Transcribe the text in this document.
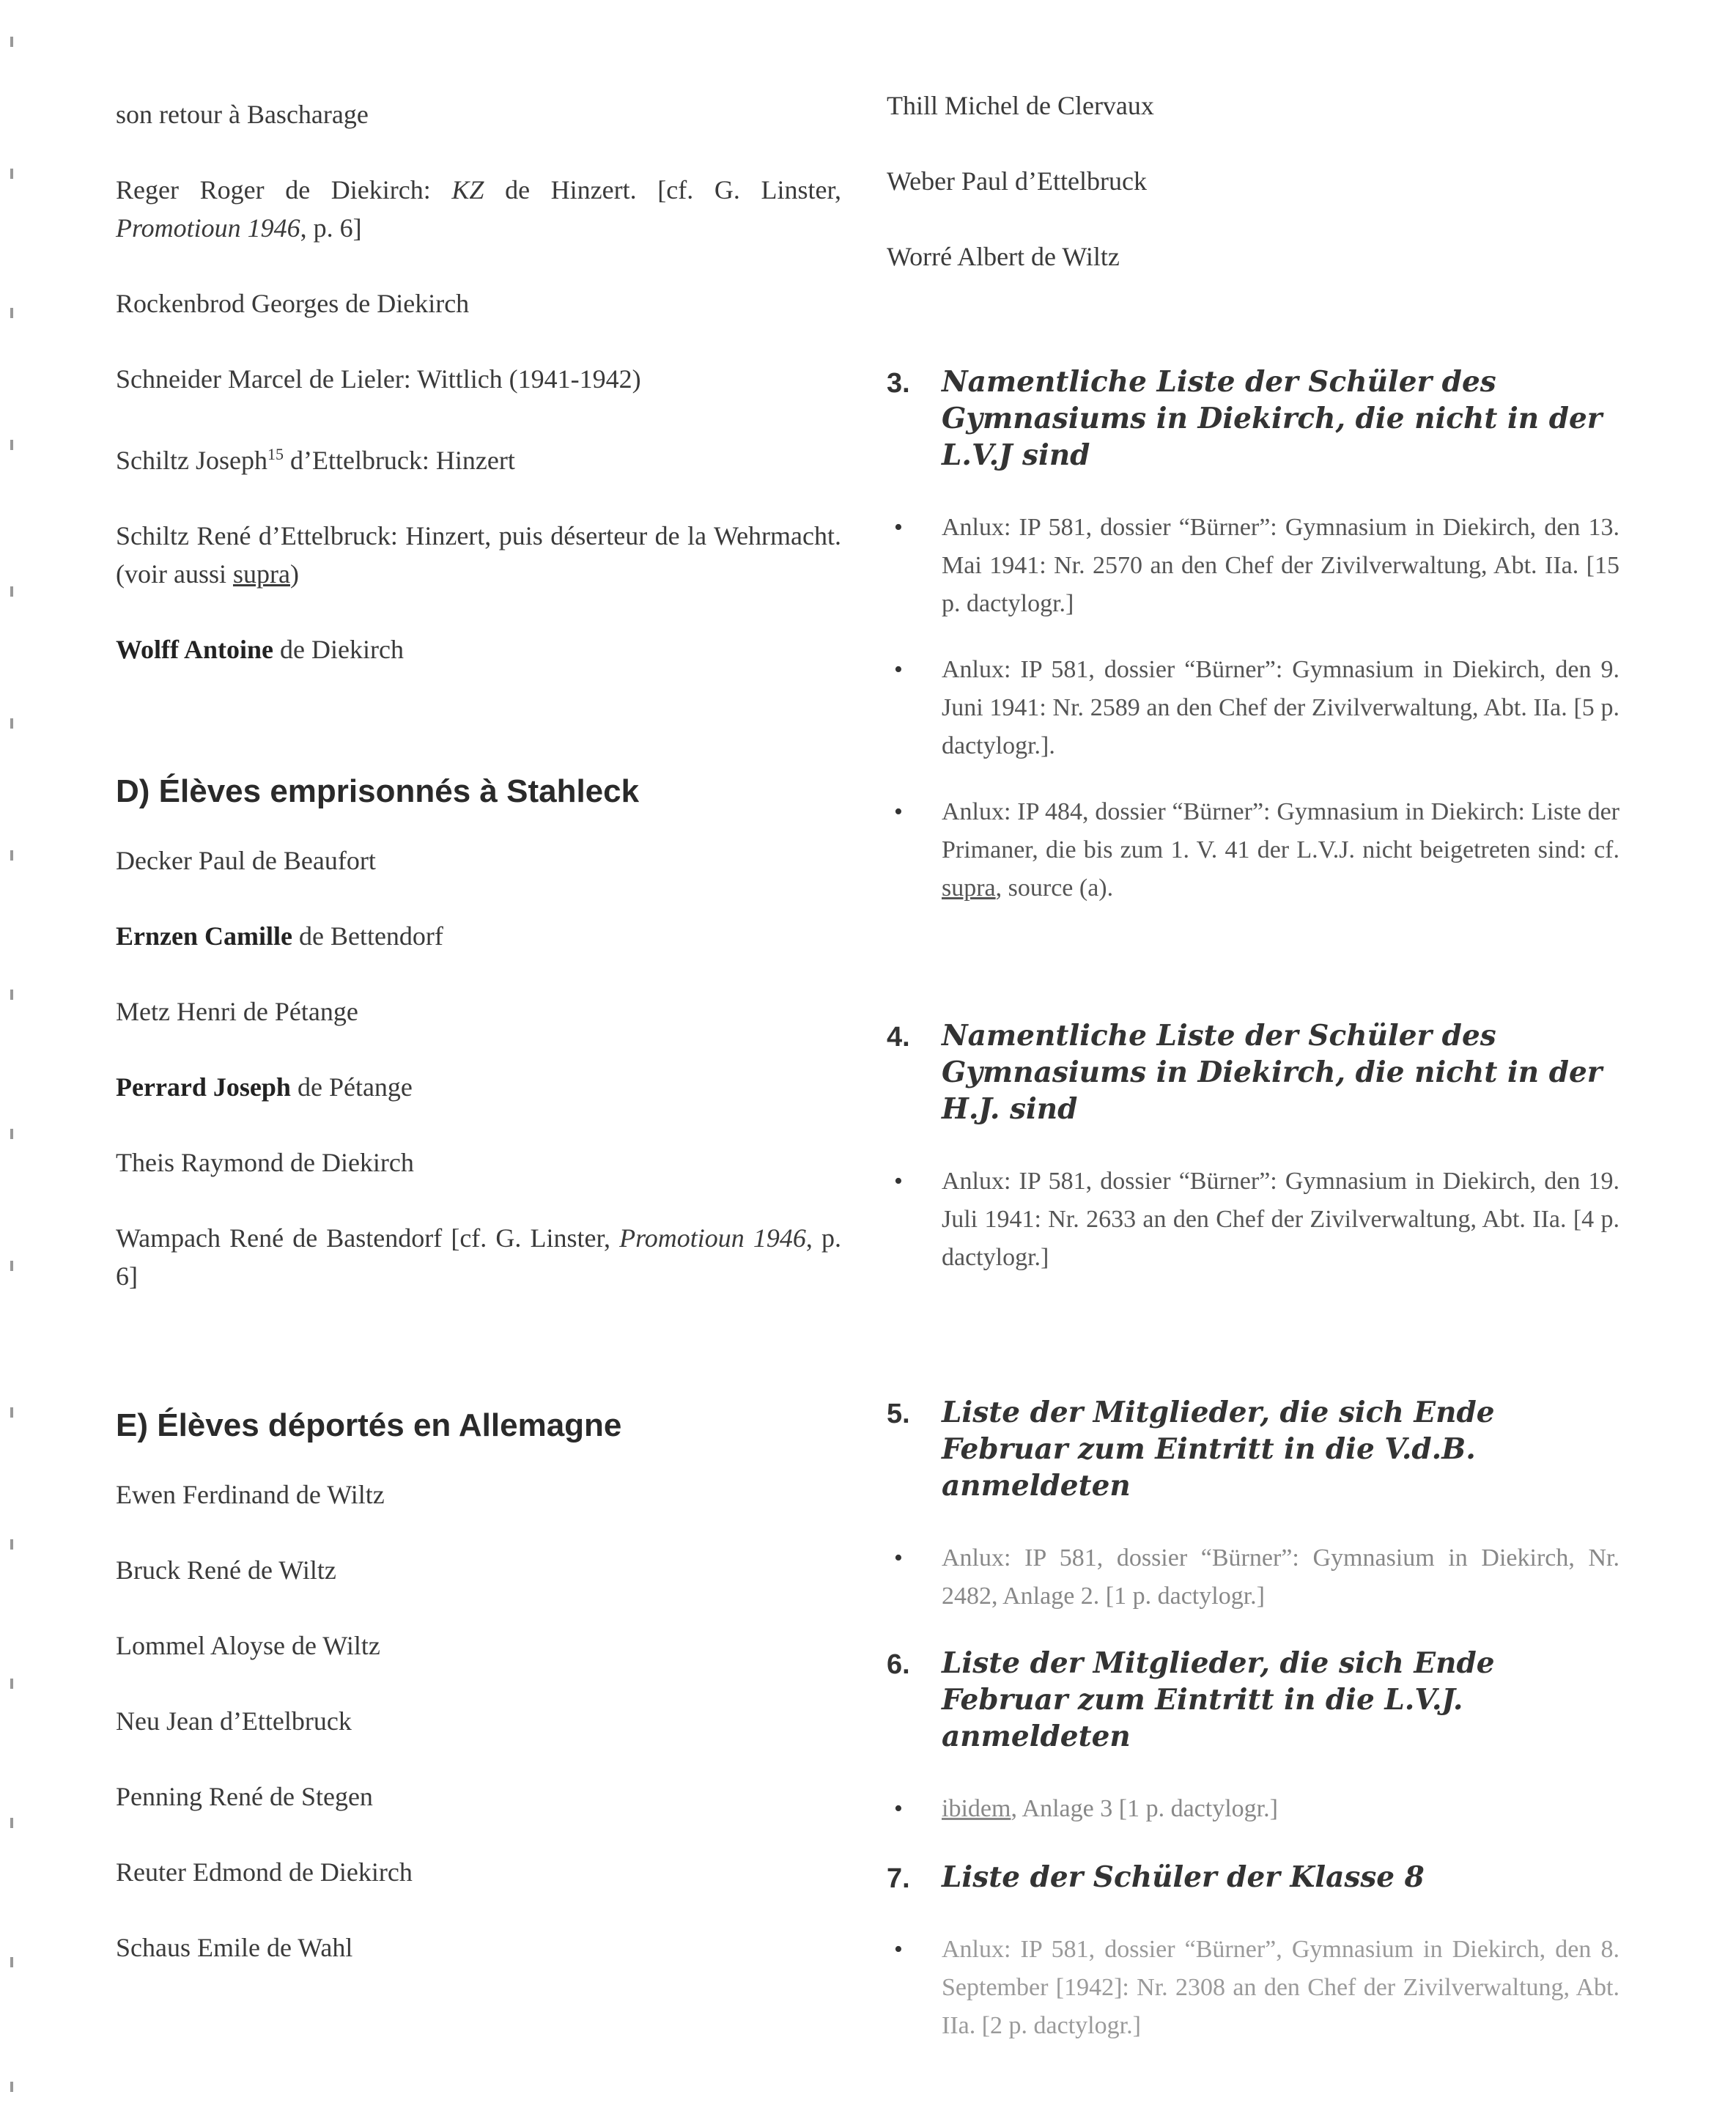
son retour à Bascharage

Reger Roger de Diekirch: KZ de Hinzert. [cf. G. Linster, Promotioun 1946, p. 6]

Rockenbrod Georges de Diekirch

Schneider Marcel de Lieler: Wittlich (1941-1942)

Schiltz Joseph$^{15}$ d’Ettelbruck: Hinzert

Schiltz René d’Ettelbruck: Hinzert, puis déserteur de la Wehrmacht. (voir aussi supra)

Wolff Antoine de Diekirch

D) Élèves emprisonnés à Stahleck

Decker Paul de Beaufort

Ernzen Camille de Bettendorf

Metz Henri de Pétange

Perrard Joseph de Pétange

Theis Raymond de Diekirch

Wampach René de Bastendorf [cf. G. Linster, Promotioun 1946, p. 6]

E) Élèves déportés en Allemagne

Ewen Ferdinand de Wiltz

Bruck René de Wiltz

Lommel Aloyse de Wiltz

Neu Jean d’Ettelbruck

Penning René de Stegen

Reuter Edmond de Diekirch

Schaus Emile de Wahl

Thill Michel de Clervaux

Weber Paul d’Ettelbruck

Worré Albert de Wiltz

3. Namentliche Liste der Schüler des Gymnasiums in Diekirch, die nicht in der L.V.J sind

• Anlux: IP 581, dossier “Bürner”: Gymnasium in Diekirch, den 13. Mai 1941: Nr. 2570 an den Chef der Zivilverwaltung, Abt. IIa. [15 p. dactylogr.]

• Anlux: IP 581, dossier “Bürner”: Gymnasium in Diekirch, den 9. Juni 1941: Nr. 2589 an den Chef der Zivilverwaltung, Abt. IIa. [5 p. dactylogr.].

• Anlux: IP 484, dossier “Bürner”: Gymnasium in Diekirch: Liste der Primaner, die bis zum 1. V. 41 der L.V.J. nicht beigetreten sind: cf. supra, source (a).

4. Namentliche Liste der Schüler des Gymnasiums in Diekirch, die nicht in der H.J. sind

• Anlux: IP 581, dossier “Bürner”: Gymnasium in Diekirch, den 19. Juli 1941: Nr. 2633 an den Chef der Zivilverwaltung, Abt. IIa. [4 p. dactylogr.]

5. Liste der Mitglieder, die sich Ende Februar zum Eintritt in die V.d.B. anmeldeten

• Anlux: IP 581, dossier “Bürner”: Gymnasium in Diekirch, Nr. 2482, Anlage 2. [1 p. dactylogr.]

6. Liste der Mitglieder, die sich Ende Februar zum Eintritt in die L.V.J. anmeldeten

• ibidem, Anlage 3 [1 p. dactylogr.]

7. Liste der Schüler der Klasse 8

• Anlux: IP 581, dossier “Bürner”, Gymnasium in Diekirch, den 8. September [1942]: Nr. 2308 an den Chef der Zivilverwaltung, Abt. IIa. [2 p. dactylogr.]
